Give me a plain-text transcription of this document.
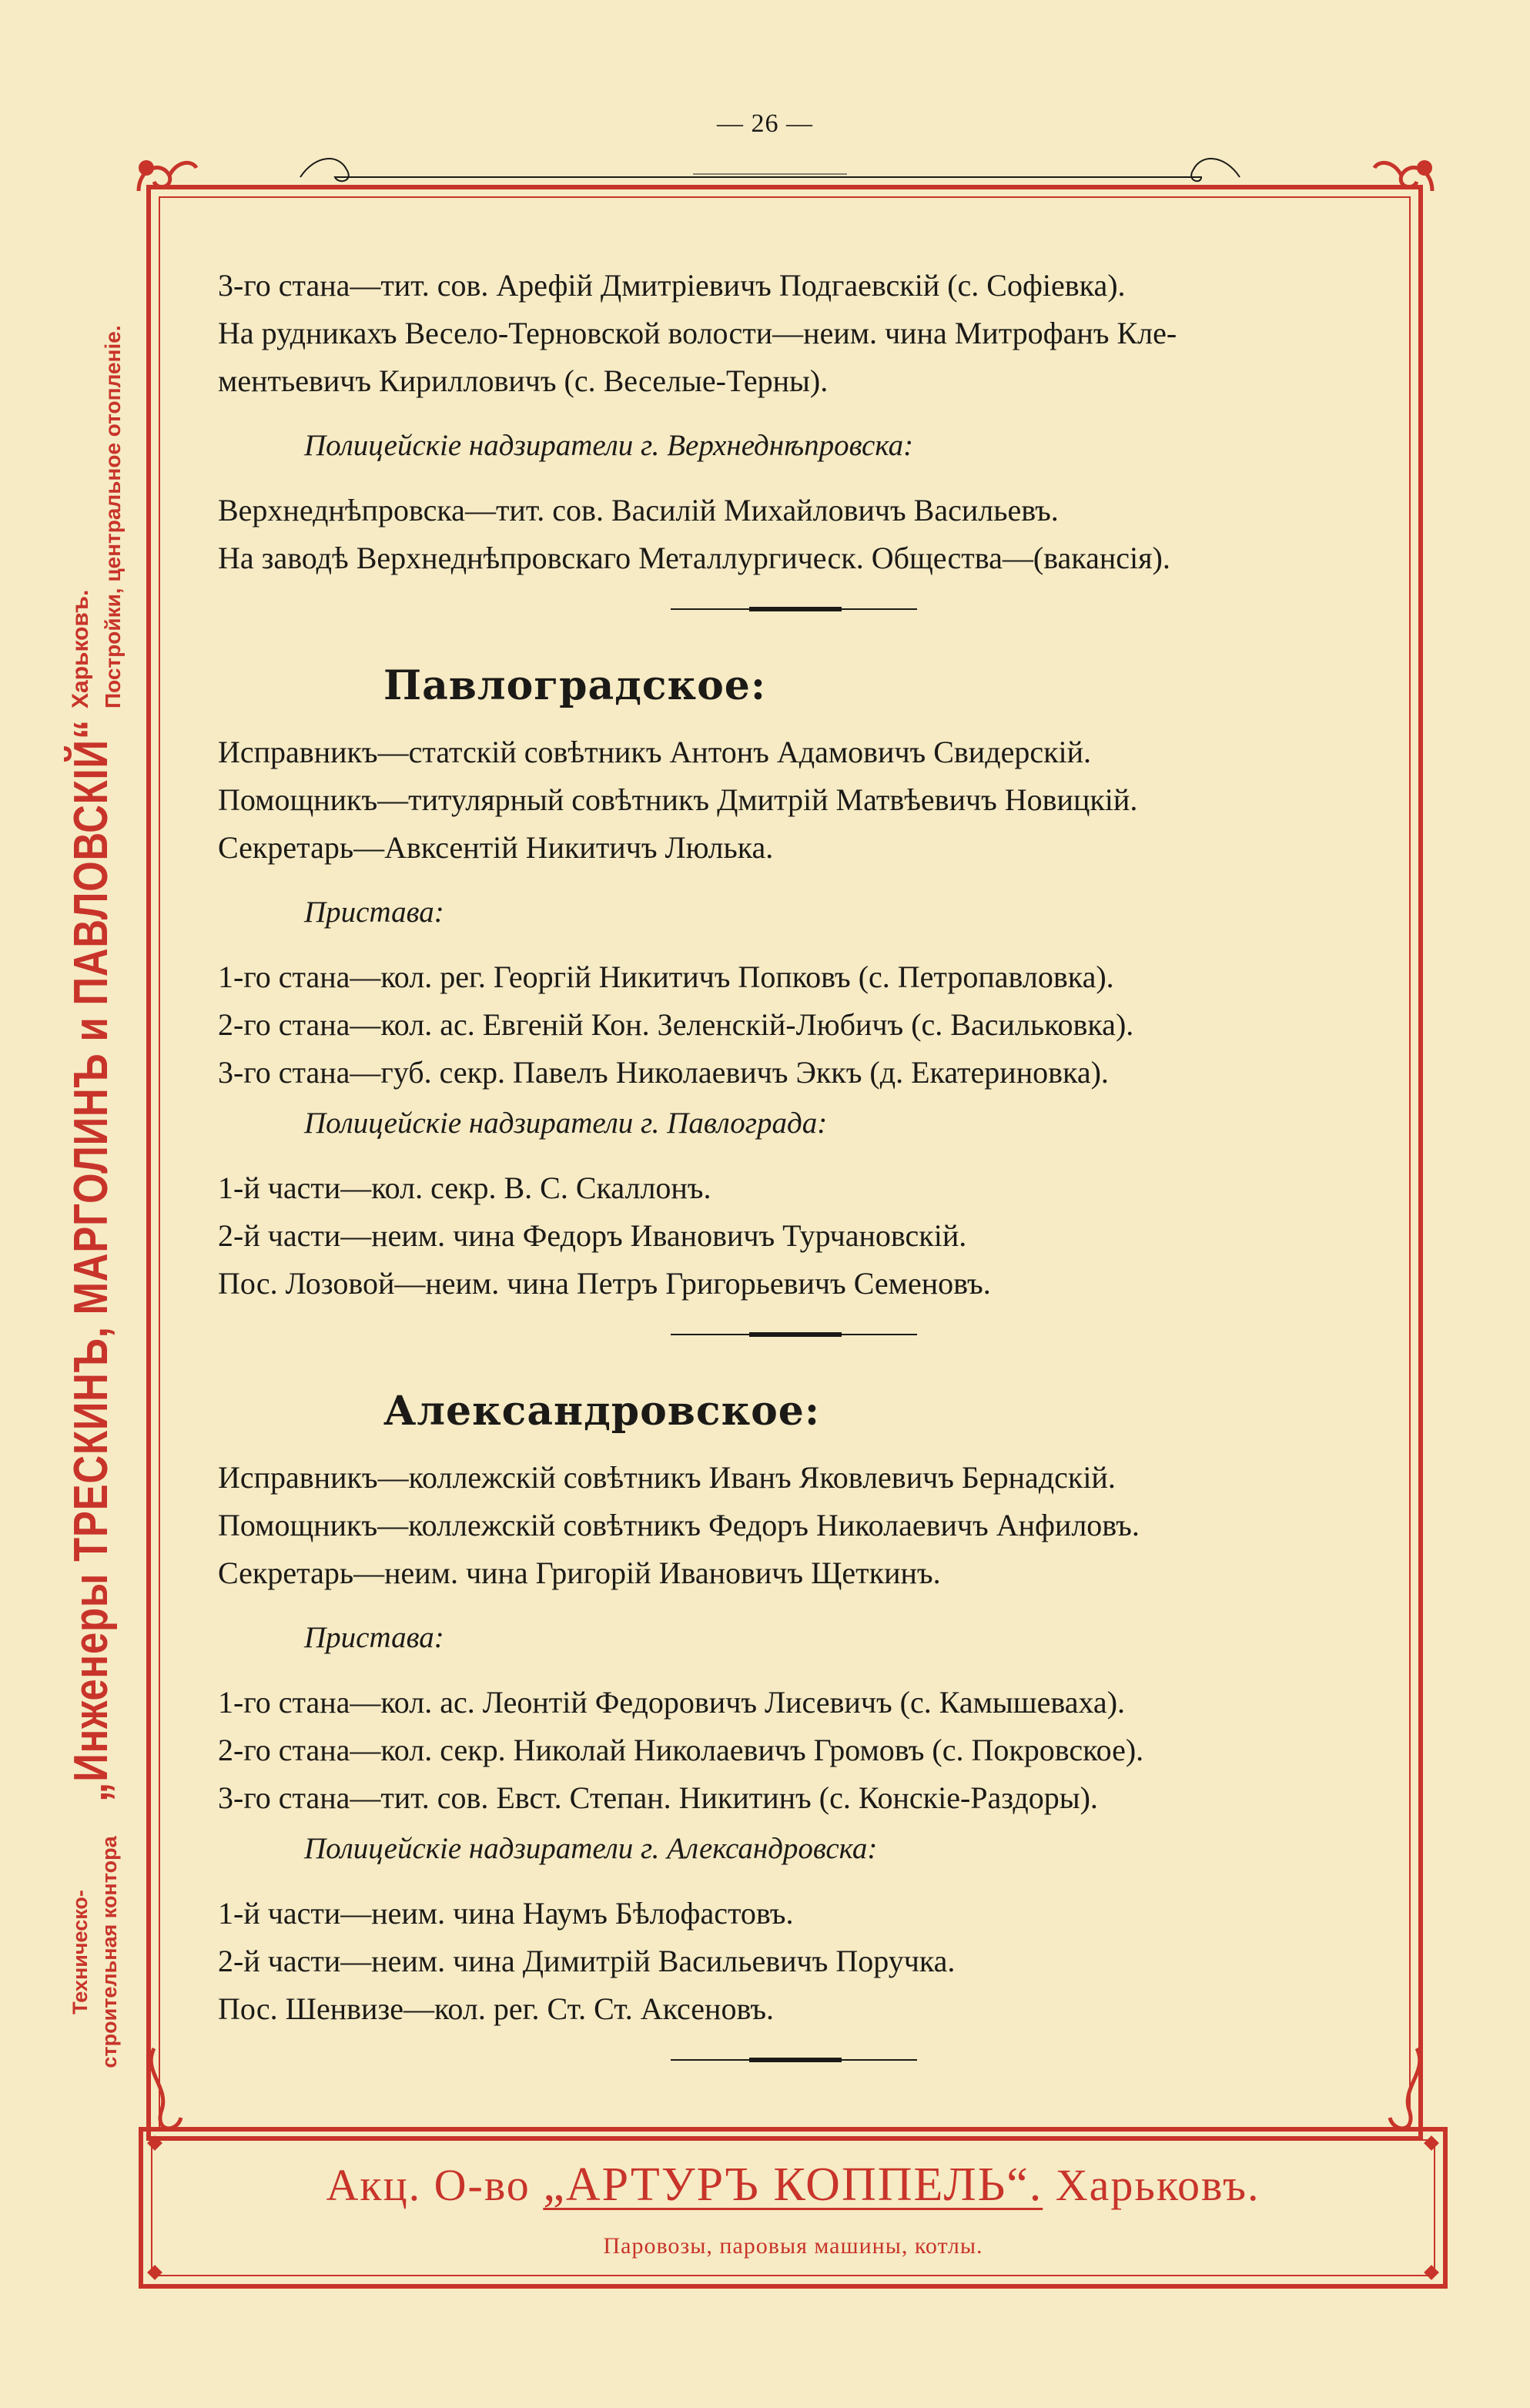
— 26 —
Техническо-строительная контора
„Инженеры ТРЕСКИНЪ, МАРГОЛИНЪ и ПАВЛОВСКІЙ“
Харьковъ. Постройки, центральное отопленіе.
3-го стана—тит. сов. Арефій Дмитріевичъ Подгаевскій (с. Софіевка).
На рудникахъ Весело-Терновской волости—неим. чина Митрофанъ Кле-
ментьевичъ Кирилловичъ (с. Веселые-Терны).
Полицейскіе надзиратели г. Верхнеднѣпровска:
Верхнеднѣпровска—тит. сов. Василій Михайловичъ Васильевъ.
На заводѣ Верхнеднѣпровскаго Металлургическ. Общества—(вакансія).
Павлоградское:
Исправникъ—статскій совѣтникъ Антонъ Адамовичъ Свидерскій.
Помощникъ—титулярный совѣтникъ Дмитрій Матвѣевичъ Новицкій.
Секретарь—Авксентій Никитичъ Люлька.
Пристава:
1-го стана—кол. рег. Георгій Никитичъ Попковъ (с. Петропавловка).
2-го стана—кол. ас. Евгеній Кон. Зеленскій-Любичъ (с. Васильковка).
3-го стана—губ. секр. Павелъ Николаевичъ Эккъ (д. Екатериновка).
Полицейскіе надзиратели г. Павлограда:
1-й части—кол. секр. В. С. Скаллонъ.
2-й части—неим. чина Федоръ Ивановичъ Турчановскій.
Пос. Лозовой—неим. чина Петръ Григорьевичъ Семеновъ.
Александровское:
Исправникъ—коллежскій совѣтникъ Иванъ Яковлевичъ Бернадскій.
Помощникъ—коллежскій совѣтникъ Федоръ Николаевичъ Анфиловъ.
Секретарь—неим. чина Григорій Ивановичъ Щеткинъ.
Пристава:
1-го стана—кол. ас. Леонтій Федоровичъ Лисевичъ (с. Камышеваха).
2-го стана—кол. секр. Николай Николаевичъ Громовъ (с. Покровское).
3-го стана—тит. сов. Евст. Степан. Никитинъ (с. Конскіе-Раздоры).
Полицейскіе надзиратели г. Александровска:
1-й части—неим. чина Наумъ Бѣлофастовъ.
2-й части—неим. чина Димитрій Васильевичъ Поручка.
Пос. Шенвизе—кол. рег. Ст. Ст. Аксеновъ.
Акц. О-во „АРТУРЪ КОППЕЛЬ“. Харьковъ.
Паровозы, паровыя машины, котлы.
